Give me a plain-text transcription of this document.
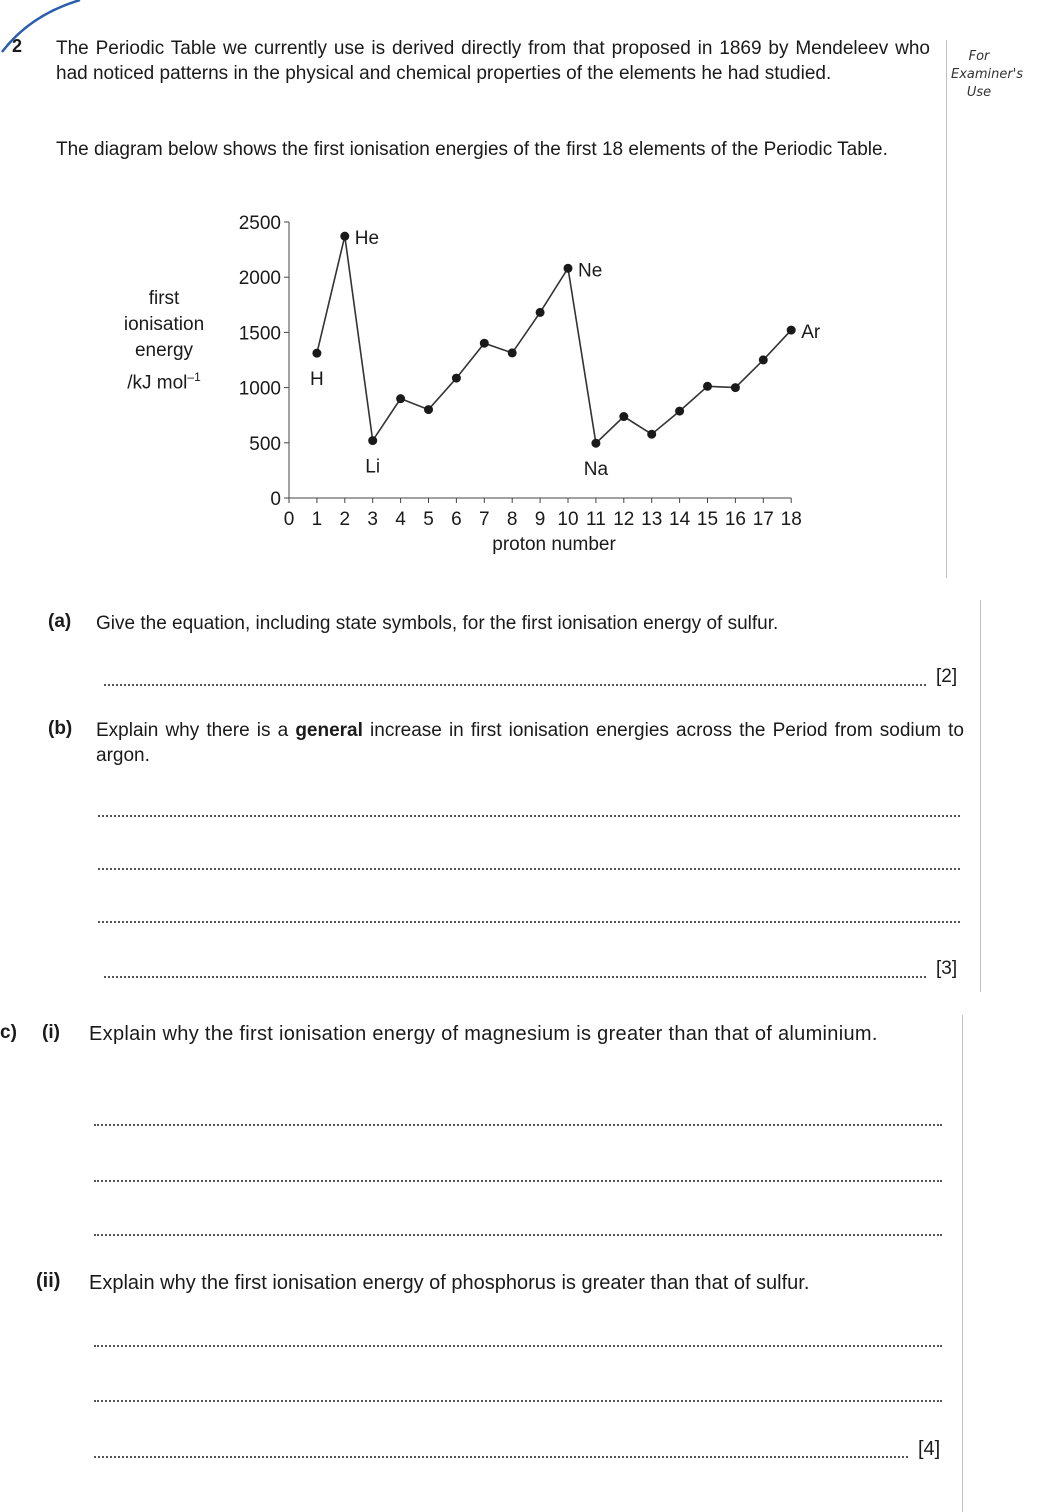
2 The Periodic Table we currently use is derived directly from that proposed in 1869 by Mendeleev who had noticed patterns in the physical and chemical properties of the elements he had studied.
The diagram below shows the first ionisation energies of the first 18 elements of the Periodic Table.
For
Examiner's
Use
first
ionisation
energy
/kJ mol$^{-1}$
0
500
1000
1500
2000
2500
0 1 2 3 4 5 6 7 8 9 10 11 12 13 14 15 16 17 18
proton number
H
He
Li
Ne
Na
Ar
(a) Give the equation, including state symbols, for the first ionisation energy of sulfur.
[2]
(b) Explain why there is a general increase in first ionisation energies across the Period from sodium to argon.
[3]
c) (i) Explain why the first ionisation energy of magnesium is greater than that of aluminium.
(ii) Explain why the first ionisation energy of phosphorus is greater than that of sulfur.
[4]
